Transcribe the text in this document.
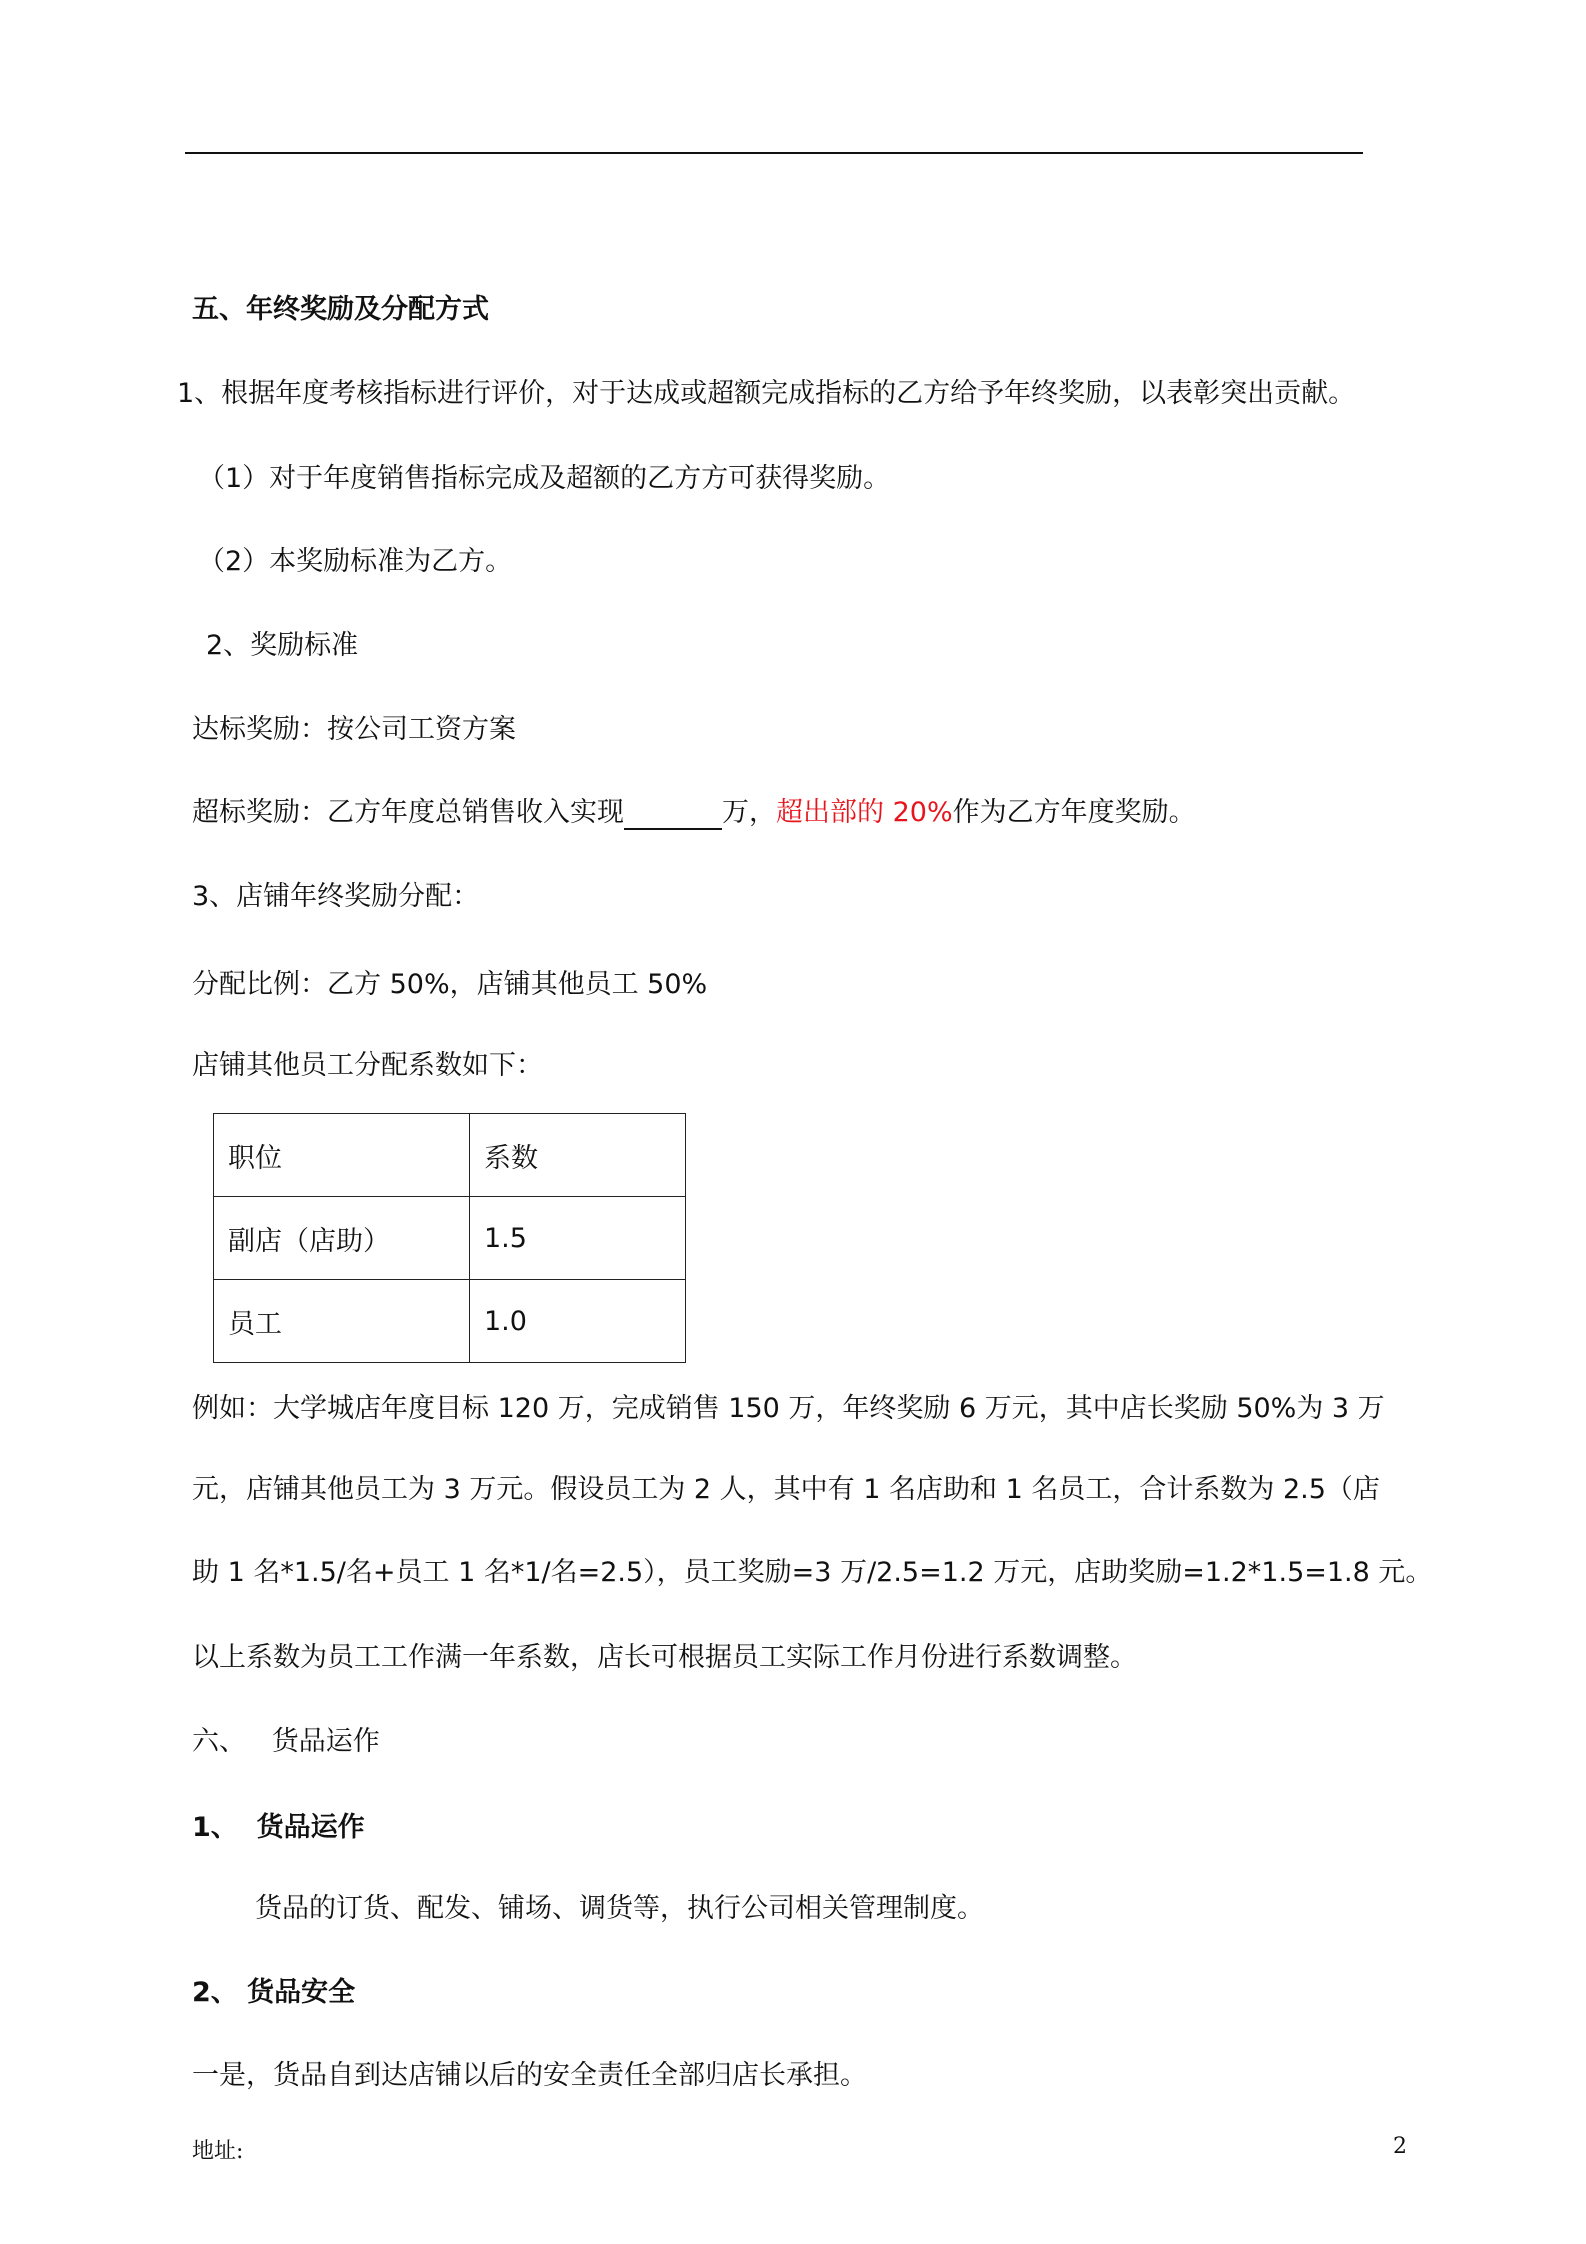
五、年终奖励及分配方式
1、根据年度考核指标进行评价，对于达成或超额完成指标的乙方给予年终奖励，以表彰突出贡献。
（1）对于年度销售指标完成及超额的乙方方可获得奖励。
（2）本奖励标准为乙方。
2、奖励标准
达标奖励：按公司工资方案
超标奖励：乙方年度总销售收入实现	万，超出部的 20%作为乙方年度奖励。
3、店铺年终奖励分配：
分配比例：乙方 50%，店铺其他员工 50%
店铺其他员工分配系数如下：
职位	系数
副店（店助）	1.5
员工	1.0
例如：大学城店年度目标 120 万，完成销售 150 万，年终奖励 6 万元，其中店长奖励 50%为 3 万
元，店铺其他员工为 3 万元。假设员工为 2 人，其中有 1 名店助和 1 名员工，合计系数为 2.5（店
助 1 名*1.5/名+员工 1 名*1/名=2.5），员工奖励=3 万/2.5=1.2 万元，店助奖励=1.2*1.5=1.8 元。
以上系数为员工工作满一年系数，店长可根据员工实际工作月份进行系数调整。
六、   货品运作
1、  货品运作
货品的订货、配发、铺场、调货等，执行公司相关管理制度。
2、 货品安全
一是，货品自到达店铺以后的安全责任全部归店长承担。
地址:	2
